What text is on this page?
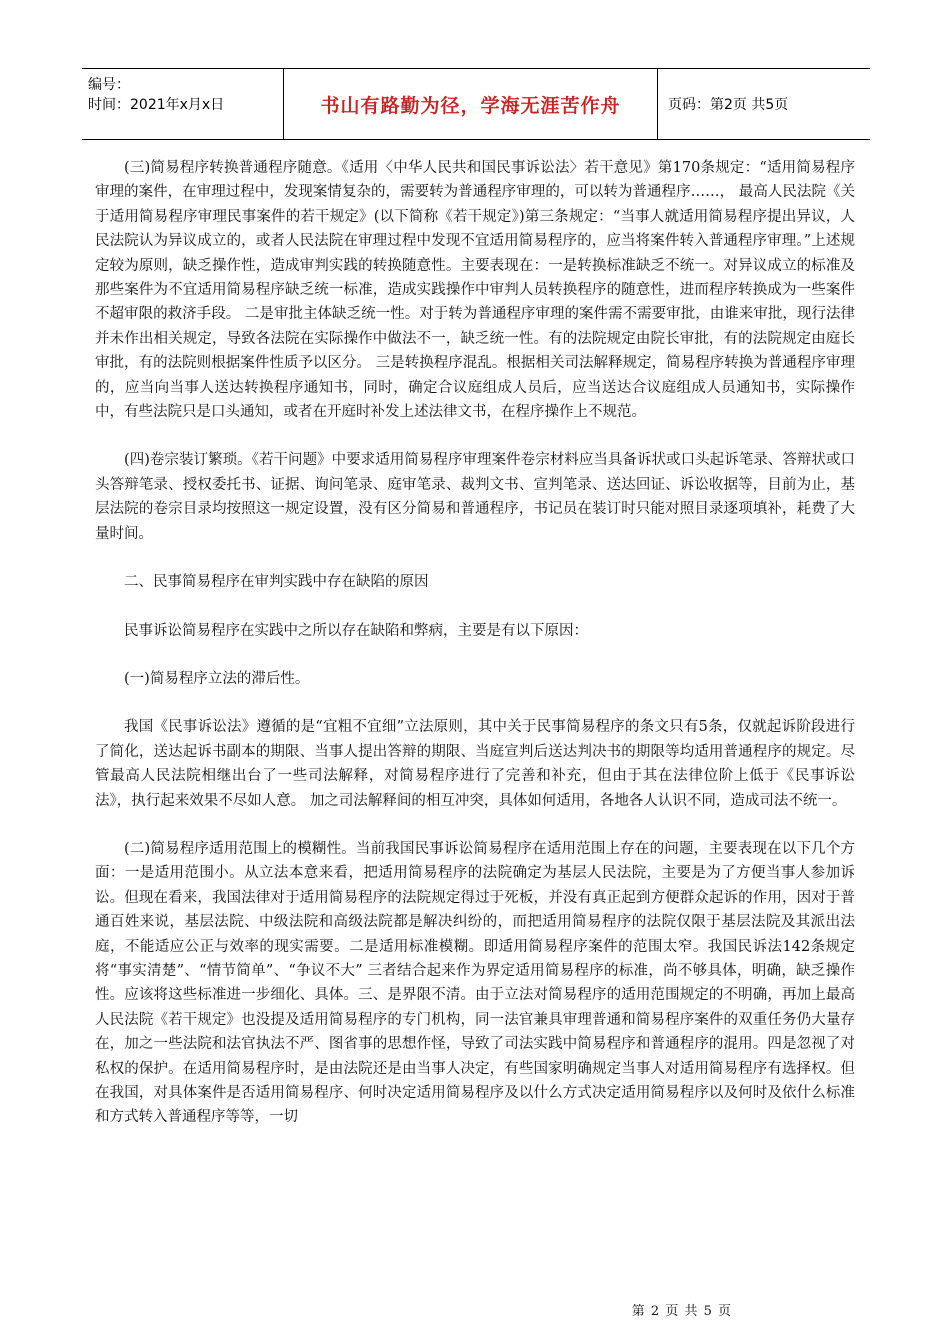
编号：
时间：2021年x月x日	书山有路勤为径，学海无涯苦作舟	页码：第2页 共5页

(三)简易程序转换普通程序随意。《适用〈中华人民共和国民事诉讼法〉若干意见》第170条规定：“适用简易程序审理的案件，在审理过程中，发现案情复杂的，需要转为普通程序审理的，可以转为普通程序……， 最高人民法院《关于适用简易程序审理民事案件的若干规定》(以下简称《若干规定》)第三条规定：“当事人就适用简易程序提出异议，人民法院认为异议成立的，或者人民法院在审理过程中发现不宜适用简易程序的，应当将案件转入普通程序审理。”上述规定较为原则，缺乏操作性，造成审判实践的转换随意性。主要表现在：一是转换标准缺乏不统一。对异议成立的标准及那些案件为不宜适用简易程序缺乏统一标准，造成实践操作中审判人员转换程序的随意性，进而程序转换成为一些案件不超审限的救济手段。 二是审批主体缺乏统一性。对于转为普通程序审理的案件需不需要审批，由谁来审批，现行法律并未作出相关规定，导致各法院在实际操作中做法不一，缺乏统一性。有的法院规定由院长审批，有的法院规定由庭长审批，有的法院则根据案件性质予以区分。 三是转换程序混乱。根据相关司法解释规定，简易程序转换为普通程序审理的，应当向当事人送达转换程序通知书，同时，确定合议庭组成人员后，应当送达合议庭组成人员通知书，实际操作中，有些法院只是口头通知，或者在开庭时补发上述法律文书，在程序操作上不规范。

(四)卷宗装订繁琐。《若干问题》中要求适用简易程序审理案件卷宗材料应当具备诉状或口头起诉笔录、答辩状或口头答辩笔录、授权委托书、证据、询问笔录、庭审笔录、裁判文书、宣判笔录、送达回证、诉讼收据等，目前为止，基层法院的卷宗目录均按照这一规定设置，没有区分简易和普通程序，书记员在装订时只能对照目录逐项填补，耗费了大量时间。

二、民事简易程序在审判实践中存在缺陷的原因

民事诉讼简易程序在实践中之所以存在缺陷和弊病，主要是有以下原因：

(一)简易程序立法的滞后性。

我国《民事诉讼法》遵循的是“宜粗不宜细”立法原则，其中关于民事简易程序的条文只有5条，仅就起诉阶段进行了简化，送达起诉书副本的期限、当事人提出答辩的期限、当庭宣判后送达判决书的期限等均适用普通程序的规定。尽管最高人民法院相继出台了一些司法解释，对简易程序进行了完善和补充，但由于其在法律位阶上低于《民事诉讼法》，执行起来效果不尽如人意。 加之司法解释间的相互冲突，具体如何适用，各地各人认识不同，造成司法不统一。

(二)简易程序适用范围上的模糊性。当前我国民事诉讼简易程序在适用范围上存在的问题，主要表现在以下几个方面：一是适用范围小。从立法本意来看，把适用简易程序的法院确定为基层人民法院，主要是为了方便当事人参加诉讼。但现在看来，我国法律对于适用简易程序的法院规定得过于死板，并没有真正起到方便群众起诉的作用，因对于普通百姓来说，基层法院、中级法院和高级法院都是解决纠纷的，而把适用简易程序的法院仅限于基层法院及其派出法庭，不能适应公正与效率的现实需要。二是适用标准模糊。即适用简易程序案件的范围太窄。我国民诉法142条规定将“事实清楚”、“情节简单”、“争议不大” 三者结合起来作为界定适用简易程序的标准，尚不够具体，明确，缺乏操作性。应该将这些标准进一步细化、具体。三、是界限不清。由于立法对简易程序的适用范围规定的不明确，再加上最高人民法院《若干规定》也没提及适用简易程序的专门机构，同一法官兼具审理普通和简易程序案件的双重任务仍大量存在，加之一些法院和法官执法不严、图省事的思想作怪，导致了司法实践中简易程序和普通程序的混用。四是忽视了对私权的保护。在适用简易程序时，是由法院还是由当事人决定，有些国家明确规定当事人对适用简易程序有选择权。但在我国，对具体案件是否适用简易程序、何时决定适用简易程序及以什么方式决定适用简易程序以及何时及依什么标准和方式转入普通程序等等，一切

第 2 页 共 5 页
